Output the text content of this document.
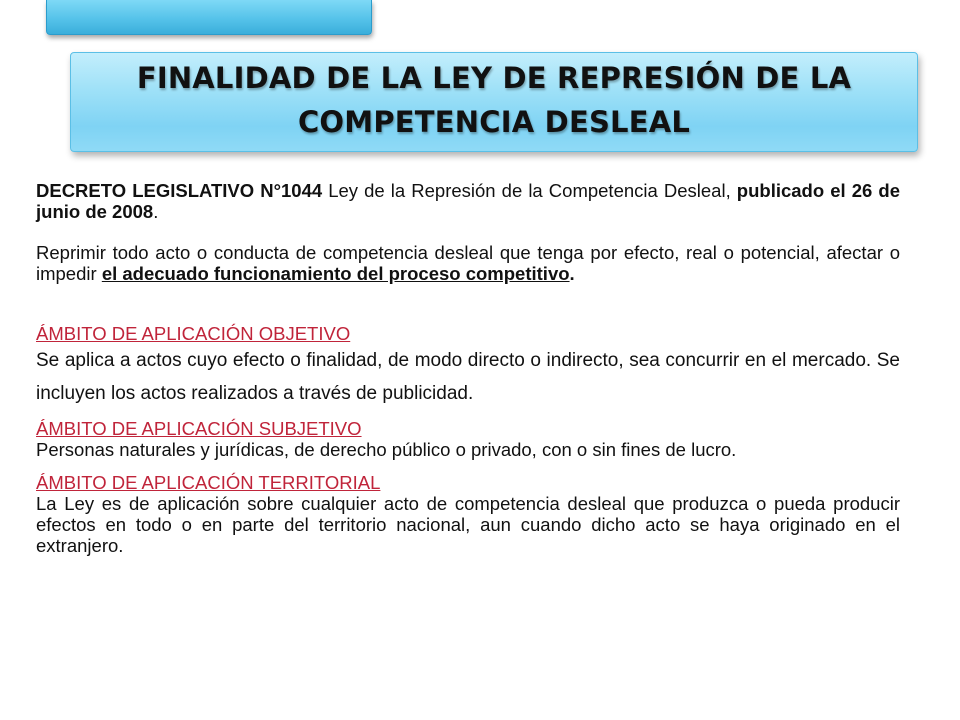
FINALIDAD DE LA LEY DE REPRESIÓN DE LA
COMPETENCIA DESLEAL

DECRETO LEGISLATIVO N°1044 Ley de la Represión de la Competencia Desleal, publicado el 26 de junio de 2008.

Reprimir todo acto o conducta de competencia desleal que tenga por efecto, real o potencial, afectar o impedir el adecuado funcionamiento del proceso competitivo.

ÁMBITO DE APLICACIÓN OBJETIVO

Se aplica a actos cuyo efecto o finalidad, de modo directo o indirecto, sea concurrir en el mercado. Se incluyen los actos realizados a través de publicidad.

ÁMBITO DE APLICACIÓN SUBJETIVO

Personas naturales y jurídicas, de derecho público o privado, con o sin fines de lucro.

ÁMBITO DE APLICACIÓN TERRITORIAL

La Ley es de aplicación sobre cualquier acto de competencia desleal que produzca o pueda producir efectos en todo o en parte del territorio nacional, aun cuando dicho acto se haya originado en el extranjero.
